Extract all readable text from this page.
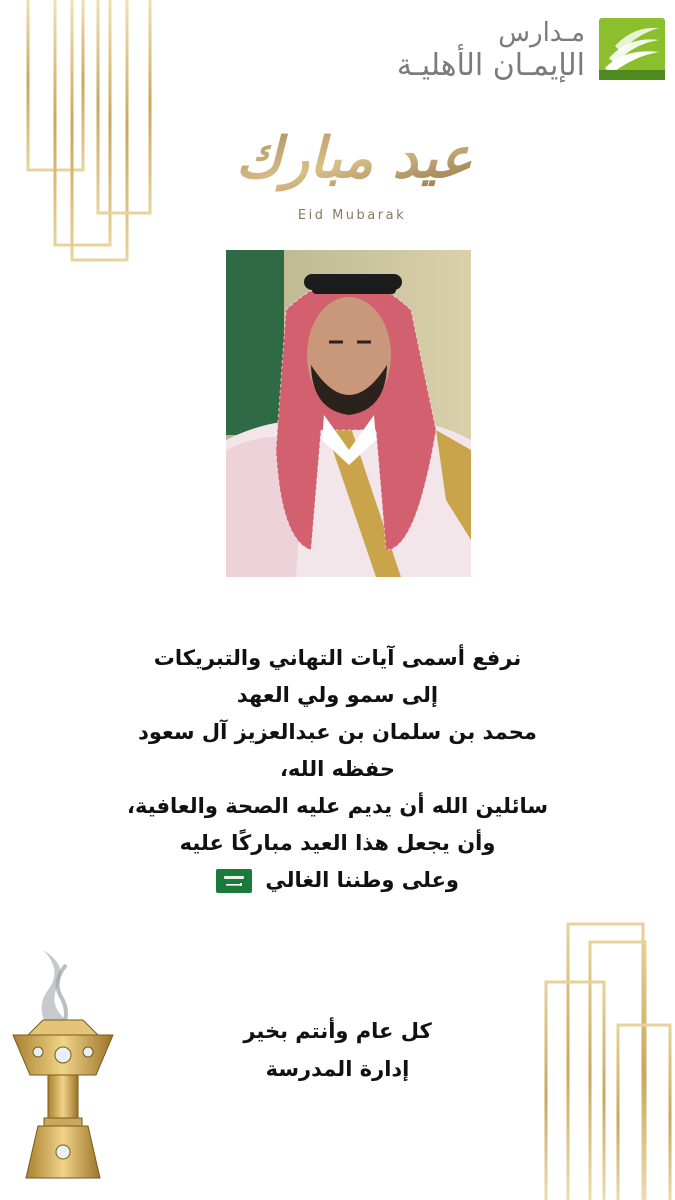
مـدارس
الإيمـان الأهليـة
عيد مبارك
Eid Mubarak
نرفع أسمى آيات التهاني والتبريكات
إلى سمو ولي العهد
محمد بن سلمان بن عبدالعزيز آل سعود
حفظه الله،
سائلين الله أن يديم عليه الصحة والعافية،
وأن يجعل هذا العيد مباركًا عليه
وعلى وطننا الغالي
كل عام وأنتم بخير
إدارة المدرسة
